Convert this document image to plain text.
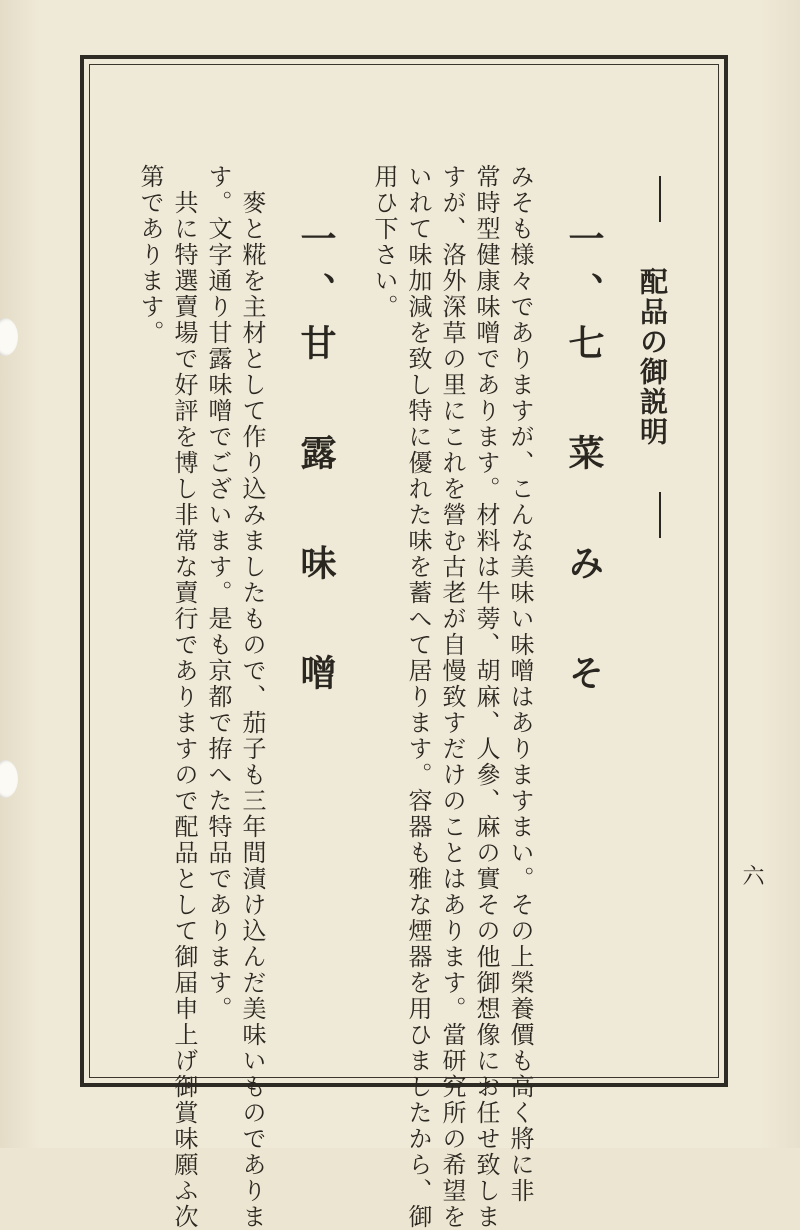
配品の御説明
一、七 菜 み そ
みそも様々でありますが、こんな美味い味噌はありますまい。その上榮養價も高く將に非
常時型健康味噌であります。材料は牛蒡、胡麻、人參、麻の實その他御想像にお任せ致しま
すが、洛外深草の里にこれを營む古老が自慢致すだけのことはあります。當研究所の希望を
いれて味加減を致し特に優れた味を蓄へて居ります。容器も雅な煙器を用ひましたから、御
用ひ下さい。
一、甘 露 味 噌
麥と糀を主材として作り込みましたもので、茄子も三年間漬け込んだ美味いものでありま
す。文字通り甘露味噌でございます。是も京都で拵へた特品であります。
共に特選賣場で好評を博し非常な賣行でありますので配品として御届申上げ御賞味願ふ次
第であります。
六
